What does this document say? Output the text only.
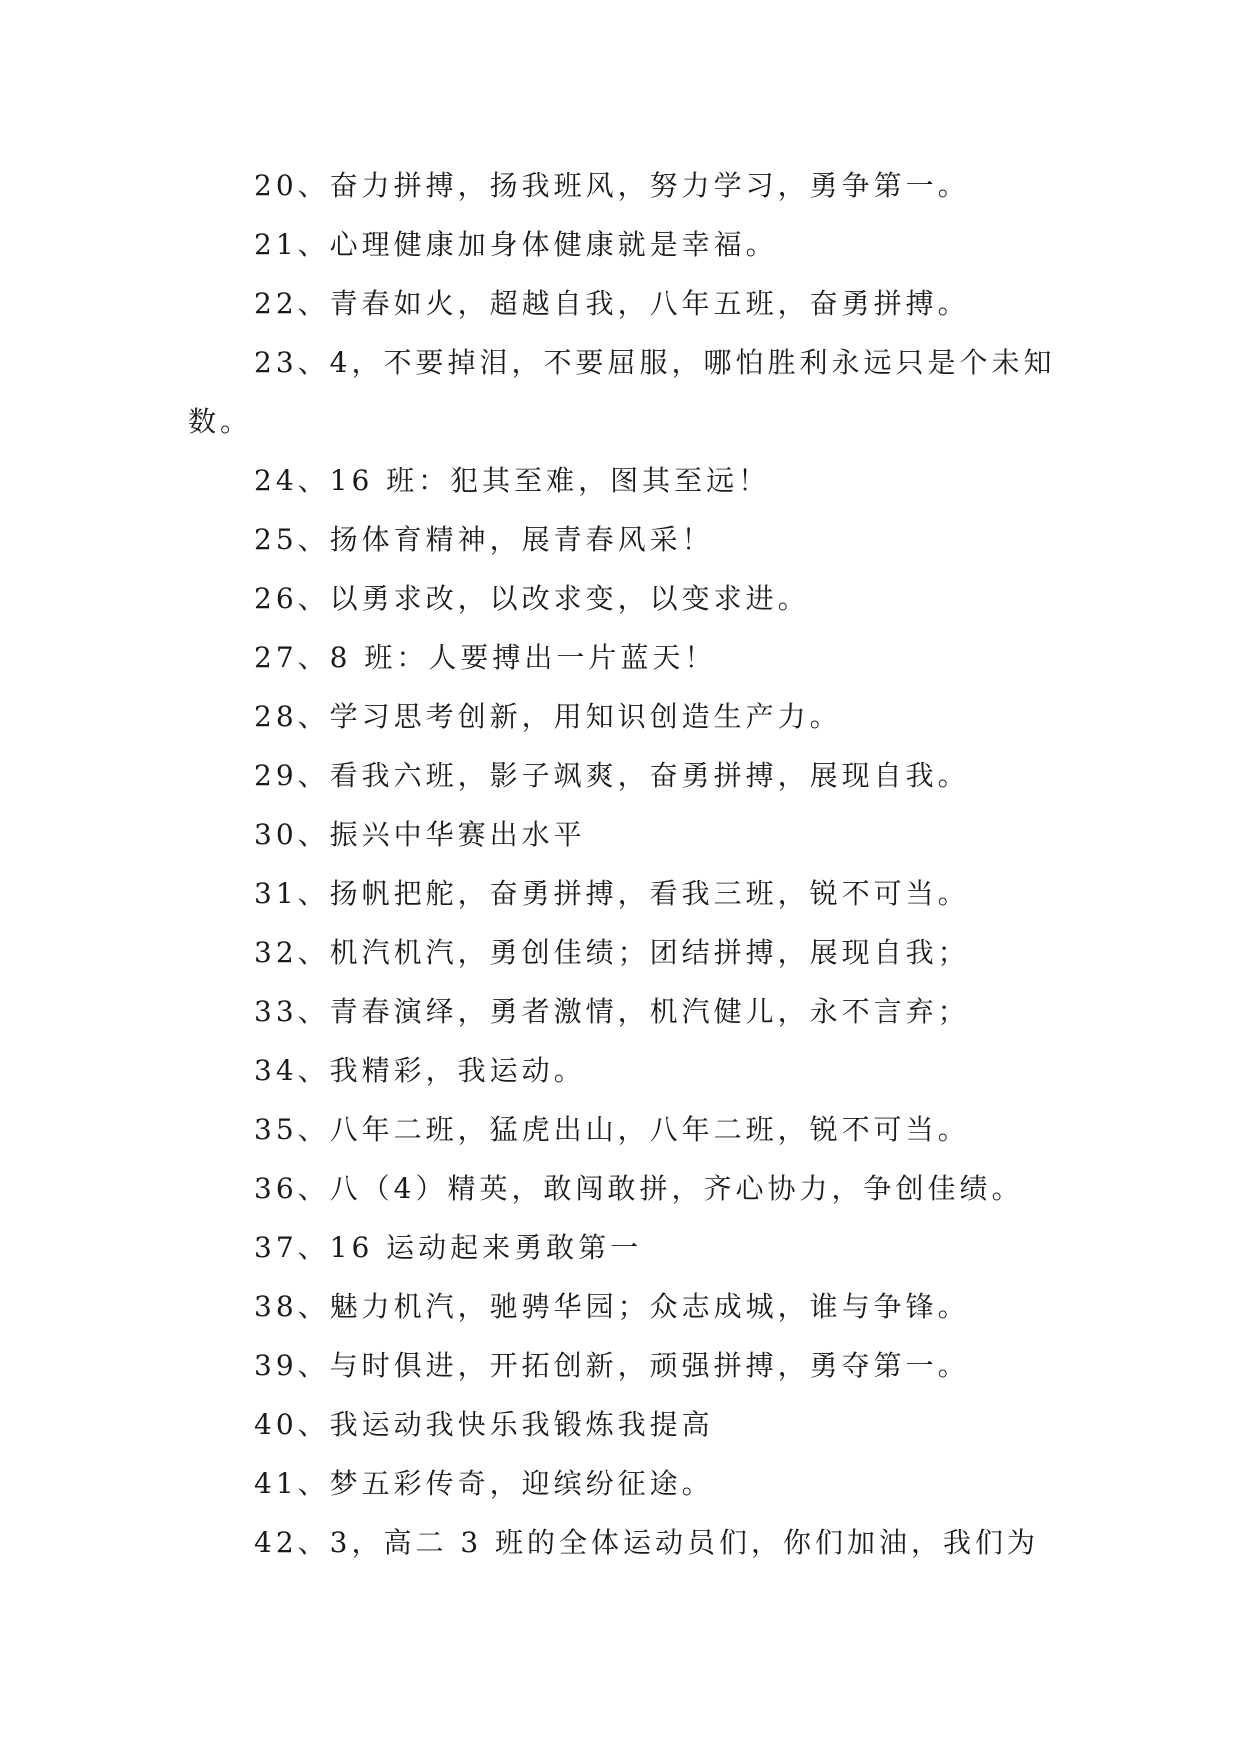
20、奋力拼搏，扬我班风，努力学习，勇争第一。

21、心理健康加身体健康就是幸福。

22、青春如火，超越自我，八年五班，奋勇拼搏。

23、4，不要掉泪，不要屈服，哪怕胜利永远只是个未知数。

24、16 班：犯其至难，图其至远！

25、扬体育精神，展青春风采！

26、以勇求改，以改求变，以变求进。

27、8 班：人要搏出一片蓝天！

28、学习思考创新，用知识创造生产力。

29、看我六班，影子飒爽，奋勇拼搏，展现自我。

30、振兴中华赛出水平

31、扬帆把舵，奋勇拼搏，看我三班，锐不可当。

32、机汽机汽，勇创佳绩；团结拼搏，展现自我；

33、青春演绎，勇者激情，机汽健儿，永不言弃；

34、我精彩，我运动。

35、八年二班，猛虎出山，八年二班，锐不可当。

36、八（4）精英，敢闯敢拼，齐心协力，争创佳绩。

37、16 运动起来勇敢第一

38、魅力机汽，驰骋华园；众志成城，谁与争锋。

39、与时俱进，开拓创新，顽强拼搏，勇夺第一。

40、我运动我快乐我锻炼我提高

41、梦五彩传奇，迎缤纷征途。

42、3，高二 3 班的全体运动员们，你们加油，我们为
